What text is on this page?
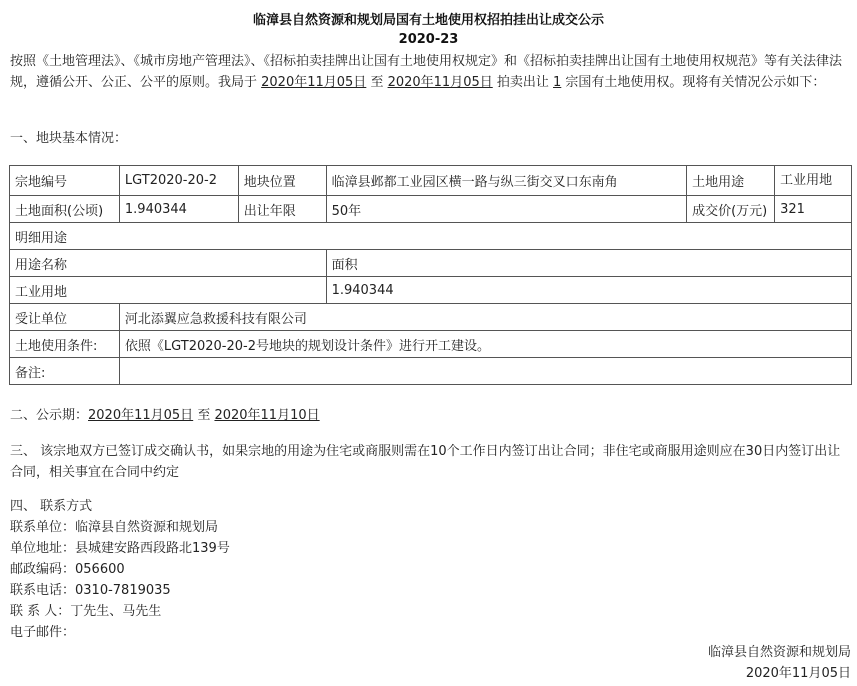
临漳县自然资源和规划局国有土地使用权招拍挂出让成交公示
2020-23
按照《土地管理法》、《城市房地产管理法》、《招标拍卖挂牌出让国有土地使用权规定》和《招标拍卖挂牌出让国有土地使用权规范》等有关法律法规，遵循公开、公正、公平的原则。我局于 2020年11月05日 至 2020年11月05日 拍卖出让 1 宗国有土地使用权。现将有关情况公示如下：
一、地块基本情况：
宗地编号	LGT2020-20-2	地块位置	临漳县邺都工业园区横一路与纵三街交叉口东南角	土地用途	工业用地
土地面积(公顷)	1.940344	出让年限	50年	成交价(万元)	321
明细用途					
用途名称			面积		
工业用地			1.940344		
受让单位	河北添翼应急救援科技有限公司				
土地使用条件:	依照《LGT2020-20-2号地块的规划设计条件》进行开工建设。				
备注:					
二、公示期：2020年11月05日 至 2020年11月10日
三、 该宗地双方已签订成交确认书，如果宗地的用途为住宅或商服则需在10个工作日内签订出让合同；非住宅或商服用途则应在30日内签订出让合同，相关事宜在合同中约定
四、 联系方式
联系单位：临漳县自然资源和规划局
单位地址：县城建安路西段路北139号
邮政编码：056600
联系电话：0310-7819035
联 系 人：丁先生、马先生
电子邮件：
临漳县自然资源和规划局
2020年11月05日
